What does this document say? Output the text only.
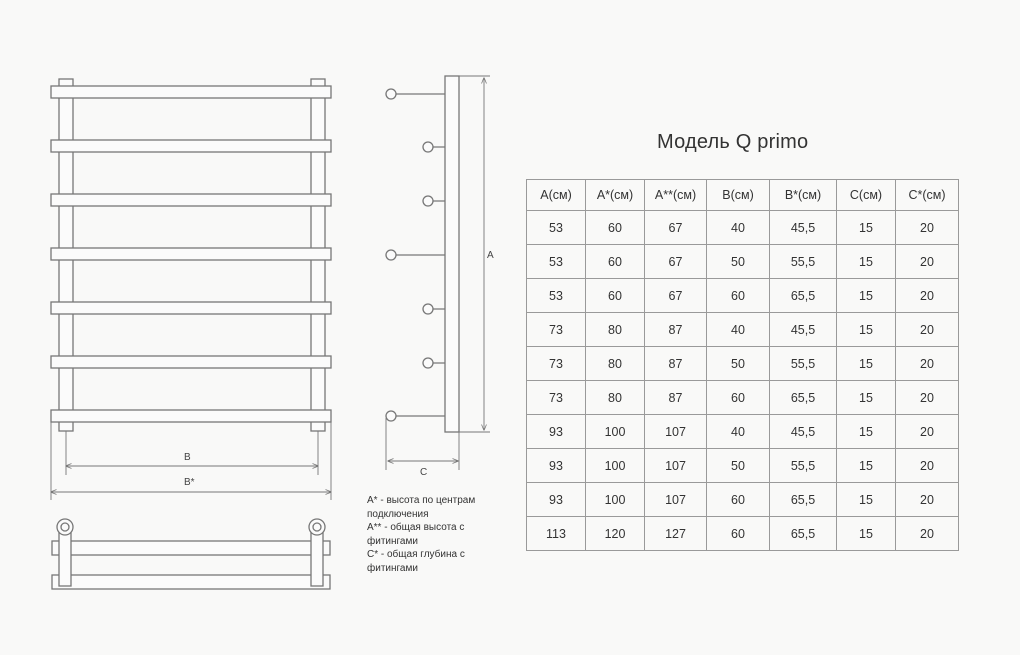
B
B*
A
C
A* - высота по центрам
подключения
A** - общая высота с
фитингами
C* - общая глубина с
фитингами
Модель Q primo
A(см)	A*(см)	A**(см)	B(см)	B*(см)	C(см)	C*(см)
53	60	67	40	45,5	15	20
53	60	67	50	55,5	15	20
53	60	67	60	65,5	15	20
73	80	87	40	45,5	15	20
73	80	87	50	55,5	15	20
73	80	87	60	65,5	15	20
93	100	107	40	45,5	15	20
93	100	107	50	55,5	15	20
93	100	107	60	65,5	15	20
113	120	127	60	65,5	15	20
